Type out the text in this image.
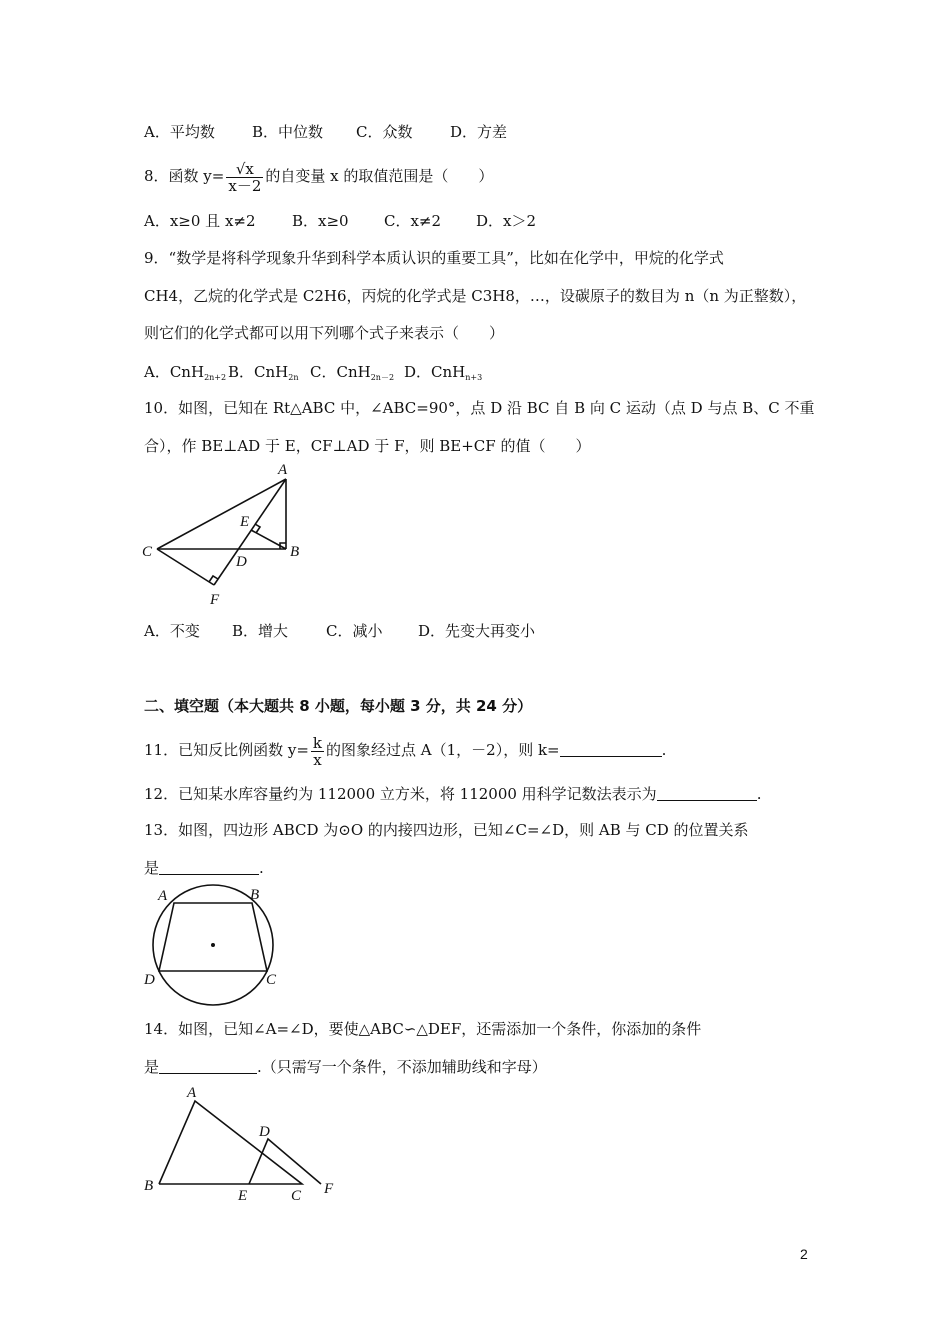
A．平均数 B．中位数 C．众数	D．方差
8．函数 $y= \frac{√x}{x-2}$ 的自变量 x 的取值范围是（　　）
A．x≥0 且 x≠2 B．x≥0 C．x≠2 D．x＞2
9．“数学是将科学现象升华到科学本质认识的重要工具”，比如在化学中，甲烷的化学式
CH4，乙烷的化学式是 C2H6，丙烷的化学式是 C3H8，…，设碳原子的数目为 n（n 为正整数），
则它们的化学式都可以用下列哪个式子来表示（　　）
A．CnH2n+2 B．CnH2n C．CnH2n－2 D．CnHn+3
10．如图，已知在 Rt△ABC 中，∠ABC=90°，点 D 沿 BC 自 B 向 C 运动（点 D 与点 B、C 不重
合），作 BE⊥AD 于 E，CF⊥AD 于 F，则 BE+CF 的值（　　）
A
B
C
D
E
F
A．不变 B．增大	C．减小 D．先变大再变小
二、填空题（本大题共 8 小题，每小题 3 分，共 24 分）
11．已知反比例函数 $y= \frac{k}{x}$ 的图象经过点 A（1，－2），则 k=	.
12．已知某水库容量约为 112000 立方米，将 112000 用科学记数法表示为	.
13．如图，四边形 ABCD 为⊙O 的内接四边形，已知∠C=∠D，则 AB 与 CD 的位置关系
是	.
A	B
C
D
14．如图，已知∠A=∠D，要使△ABC∽△DEF，还需添加一个条件，你添加的条件
是	.（只需写一个条件，不添加辅助线和字母）
A
B
C
D
E	F
2
